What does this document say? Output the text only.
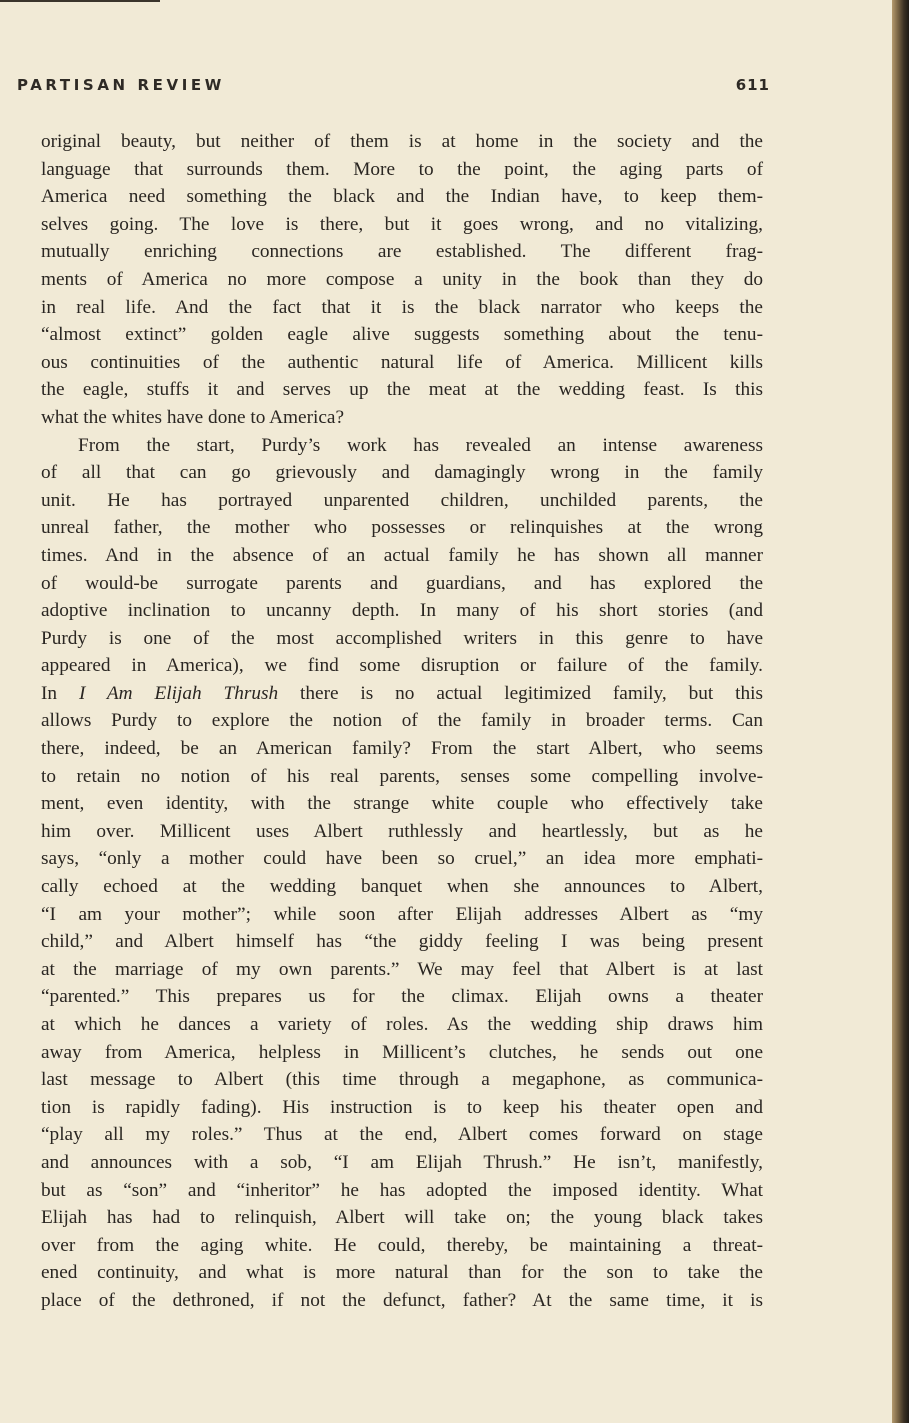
PARTISAN REVIEW	611
original beauty, but neither of them is at home in the society and the
language that surrounds them. More to the point, the aging parts of
America need something the black and the Indian have, to keep them-
selves going. The love is there, but it goes wrong, and no vitalizing,
mutually enriching connections are established. The different frag-
ments of America no more compose a unity in the book than they do
in real life. And the fact that it is the black narrator who keeps the
“almost extinct” golden eagle alive suggests something about the tenu-
ous continuities of the authentic natural life of America. Millicent kills
the eagle, stuffs it and serves up the meat at the wedding feast. Is this
what the whites have done to America?
From the start, Purdy’s work has revealed an intense awareness
of all that can go grievously and damagingly wrong in the family
unit. He has portrayed unparented children, unchilded parents, the
unreal father, the mother who possesses or relinquishes at the wrong
times. And in the absence of an actual family he has shown all manner
of would-be surrogate parents and guardians, and has explored the
adoptive inclination to uncanny depth. In many of his short stories (and
Purdy is one of the most accomplished writers in this genre to have
appeared in America), we find some disruption or failure of the family.
In I Am Elijah Thrush there is no actual legitimized family, but this
allows Purdy to explore the notion of the family in broader terms. Can
there, indeed, be an American family? From the start Albert, who seems
to retain no notion of his real parents, senses some compelling involve-
ment, even identity, with the strange white couple who effectively take
him over. Millicent uses Albert ruthlessly and heartlessly, but as he
says, “only a mother could have been so cruel,” an idea more emphati-
cally echoed at the wedding banquet when she announces to Albert,
“I am your mother”; while soon after Elijah addresses Albert as “my
child,” and Albert himself has “the giddy feeling I was being present
at the marriage of my own parents.” We may feel that Albert is at last
“parented.” This prepares us for the climax. Elijah owns a theater
at which he dances a variety of roles. As the wedding ship draws him
away from America, helpless in Millicent’s clutches, he sends out one
last message to Albert (this time through a megaphone, as communica-
tion is rapidly fading). His instruction is to keep his theater open and
“play all my roles.” Thus at the end, Albert comes forward on stage
and announces with a sob, “I am Elijah Thrush.” He isn’t, manifestly,
but as “son” and “inheritor” he has adopted the imposed identity. What
Elijah has had to relinquish, Albert will take on; the young black takes
over from the aging white. He could, thereby, be maintaining a threat-
ened continuity, and what is more natural than for the son to take the
place of the dethroned, if not the defunct, father? At the same time, it is
